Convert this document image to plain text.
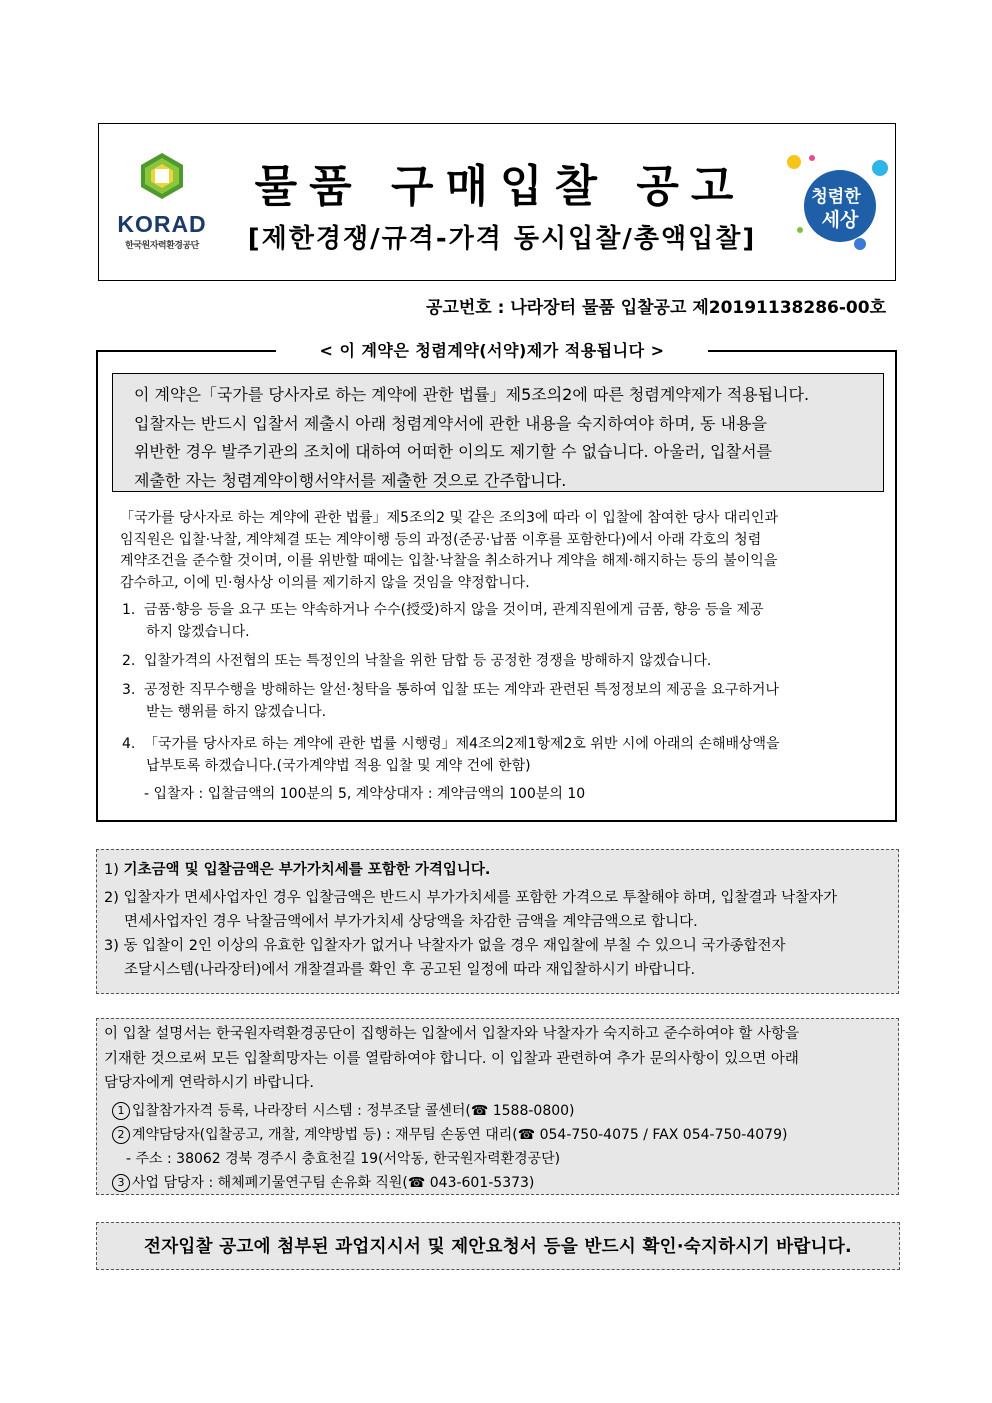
KORAD
한국원자력환경공단
물품 구매입찰 공고
[제한경쟁/규격-가격 동시입찰/총액입찰]
청렴한
세상
공고번호 : 나라장터 물품 입찰공고 제20191138286-00호
< 이 계약은 청렴계약(서약)제가 적용됩니다 >
이 계약은「국가를 당사자로 하는 계약에 관한 법률」제5조의2에 따른 청렴계약제가 적용됩니다.
입찰자는 반드시 입찰서 제출시 아래 청렴계약서에 관한 내용을 숙지하여야 하며, 동 내용을
위반한 경우 발주기관의 조치에 대하여 어떠한 이의도 제기할 수 없습니다. 아울러, 입찰서를
제출한 자는 청렴계약이행서약서를 제출한 것으로 간주합니다.
「국가를 당사자로 하는 계약에 관한 법률」제5조의2 및 같은 조의3에 따라 이 입찰에 참여한 당사 대리인과
임직원은 입찰·낙찰, 계약체결 또는 계약이행 등의 과정(준공·납품 이후를 포함한다)에서 아래 각호의 청렴
계약조건을 준수할 것이며, 이를 위반할 때에는 입찰·낙찰을 취소하거나 계약을 해제·해지하는 등의 불이익을
감수하고, 이에 민·형사상 이의를 제기하지 않을 것임을 약정합니다.
1. 금품·향응 등을 요구 또는 약속하거나 수수(授受)하지 않을 것이며, 관계직원에게 금품, 향응 등을 제공
하지 않겠습니다.
2. 입찰가격의 사전협의 또는 특정인의 낙찰을 위한 담합 등 공정한 경쟁을 방해하지 않겠습니다.
3. 공정한 직무수행을 방해하는 알선·청탁을 통하여 입찰 또는 계약과 관련된 특정정보의 제공을 요구하거나
받는 행위를 하지 않겠습니다.
4. 「국가를 당사자로 하는 계약에 관한 법률 시행령」제4조의2제1항제2호 위반 시에 아래의 손해배상액을
납부토록 하겠습니다.(국가계약법 적용 입찰 및 계약 건에 한함)
- 입찰자 : 입찰금액의 100분의 5, 계약상대자 : 계약금액의 100분의 10
1) 기초금액 및 입찰금액은 부가가치세를 포함한 가격입니다.
2) 입찰자가 면세사업자인 경우 입찰금액은 반드시 부가가치세를 포함한 가격으로 투찰해야 하며, 입찰결과 낙찰자가
면세사업자인 경우 낙찰금액에서 부가가치세 상당액을 차감한 금액을 계약금액으로 합니다.
3) 동 입찰이 2인 이상의 유효한 입찰자가 없거나 낙찰자가 없을 경우 재입찰에 부칠 수 있으니 국가종합전자
조달시스템(나라장터)에서 개찰결과를 확인 후 공고된 일정에 따라 재입찰하시기 바랍니다.
이 입찰 설명서는 한국원자력환경공단이 집행하는 입찰에서 입찰자와 낙찰자가 숙지하고 준수하여야 할 사항을
기재한 것으로써 모든 입찰희망자는 이를 열람하여야 합니다. 이 입찰과 관련하여 추가 문의사항이 있으면 아래
담당자에게 연락하시기 바랍니다.
1 입찰참가자격 등록, 나라장터 시스템 : 정부조달 콜센터(☎ 1588-0800)
2 계약담당자(입찰공고, 개찰, 계약방법 등) : 재무팀 손동연 대리(☎ 054-750-4075 / FAX 054-750-4079)
- 주소 : 38062 경북 경주시 충효천길 19(서악동, 한국원자력환경공단)
3 사업 담당자 : 해체폐기물연구팀 손유화 직원(☎ 043-601-5373)
전자입찰 공고에 첨부된 과업지시서 및 제안요청서 등을 반드시 확인·숙지하시기 바랍니다.
